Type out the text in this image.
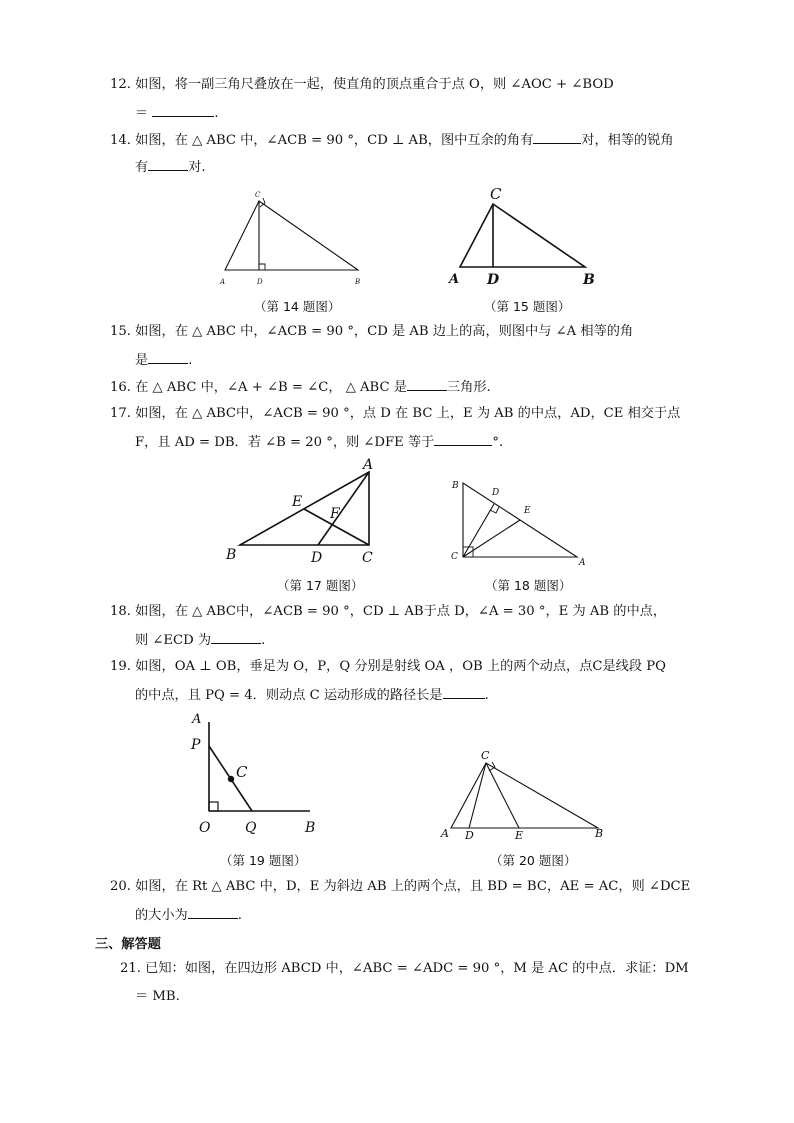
12. 如图，将一副三角尺叠放在一起，使直角的顶点重合于点 O，则 ∠AOC + ∠BOD
＝	.
14. 如图，在 △ ABC 中，∠ACB = 90 °，CD ⊥ AB，图中互余的角有	对，相等的锐角
有	对.
C
A	D	B
（第 14 题图）
C
A D	B
（第 15 题图）
15. 如图，在 △ ABC 中，∠ACB = 90 °，CD 是 AB 边上的高，则图中与 ∠A 相等的角
是	.
16. 在 △ ABC 中，∠A + ∠B = ∠C， △ ABC 是	三角形.
17. 如图，在 △ ABC中，∠ACB = 90 °，点 D 在 BC 上，E 为 AB 的中点，AD，CE 相交于点
F，且 AD = DB．若 ∠B = 20 °，则 ∠DFE 等于	°.
A
E
F
B	D	C
（第 17 题图）
B
D
E
C
A
（第 18 题图）
18. 如图，在 △ ABC中，∠ACB = 90 °，CD ⊥ AB于点 D，∠A = 30 °，E 为 AB 的中点，
则 ∠ECD 为	.
19. 如图，OA ⊥ OB，垂足为 O，P，Q 分别是射线 OA ，OB 上的两个动点，点C是线段 PQ
的中点，且 PQ = 4．则动点 C 运动形成的路径长是	.
A
P
C
O Q	B
（第 19 题图）
C
A D	E	B
（第 20 题图）
20. 如图，在 Rt △ ABC 中，D，E 为斜边 AB 上的两个点，且 BD = BC，AE = AC，则 ∠DCE
的大小为	.
三、解答题
21. 已知：如图，在四边形 ABCD 中，∠ABC = ∠ADC = 90 °，M 是 AC 的中点．求证：DM
＝ MB.
